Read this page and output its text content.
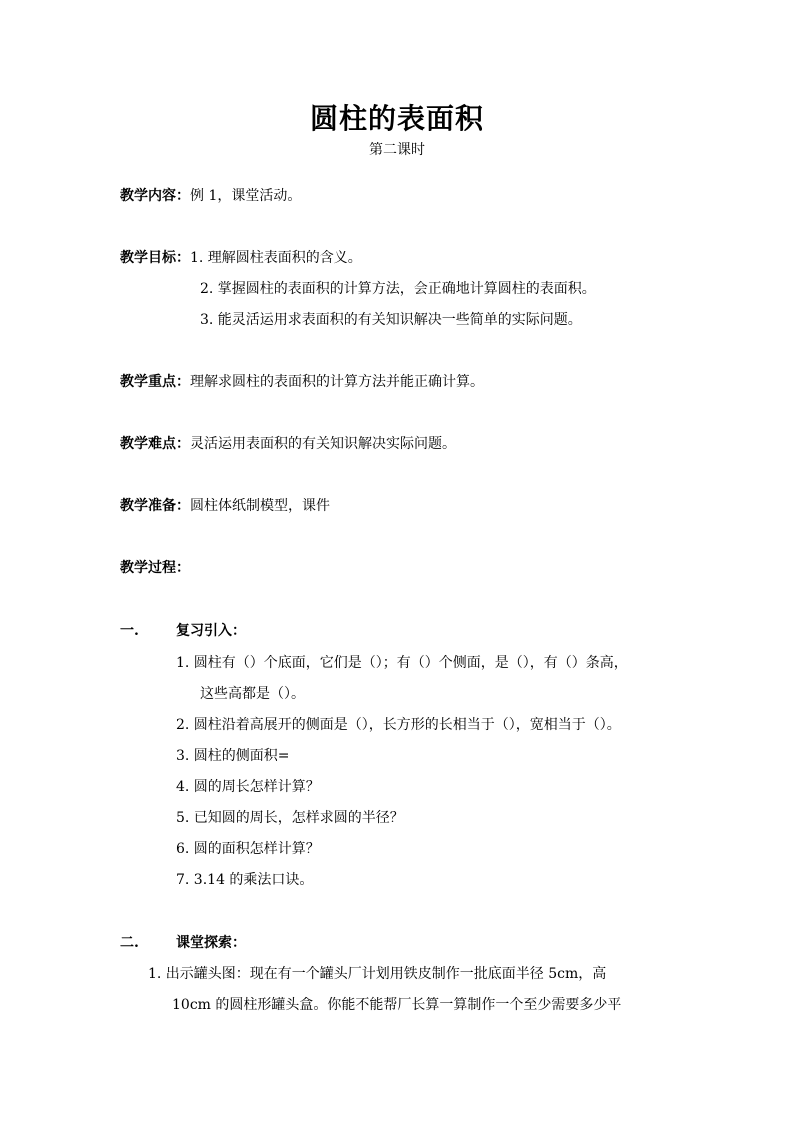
圆柱的表面积
第二课时
教学内容：例 1，课堂活动。
教学目标：1. 理解圆柱表面积的含义。
2. 掌握圆柱的表面积的计算方法，会正确地计算圆柱的表面积。
3. 能灵活运用求表面积的有关知识解决一些简单的实际问题。
教学重点：理解求圆柱的表面积的计算方法并能正确计算。
教学难点：灵活运用表面积的有关知识解决实际问题。
教学准备：圆柱体纸制模型，课件
教学过程：
一.	复习引入：
1. 圆柱有（）个底面，它们是（）；有（）个侧面，是（），有（）条高，
这些高都是（）。
2. 圆柱沿着高展开的侧面是（），长方形的长相当于（），宽相当于（）。
3. 圆柱的侧面积=
4. 圆的周长怎样计算？
5. 已知圆的周长，怎样求圆的半径？
6. 圆的面积怎样计算？
7. 3.14 的乘法口诀。
二.	课堂探索：
1. 出示罐头图：现在有一个罐头厂计划用铁皮制作一批底面半径 5cm，高
10cm 的圆柱形罐头盒。你能不能帮厂长算一算制作一个至少需要多少平
